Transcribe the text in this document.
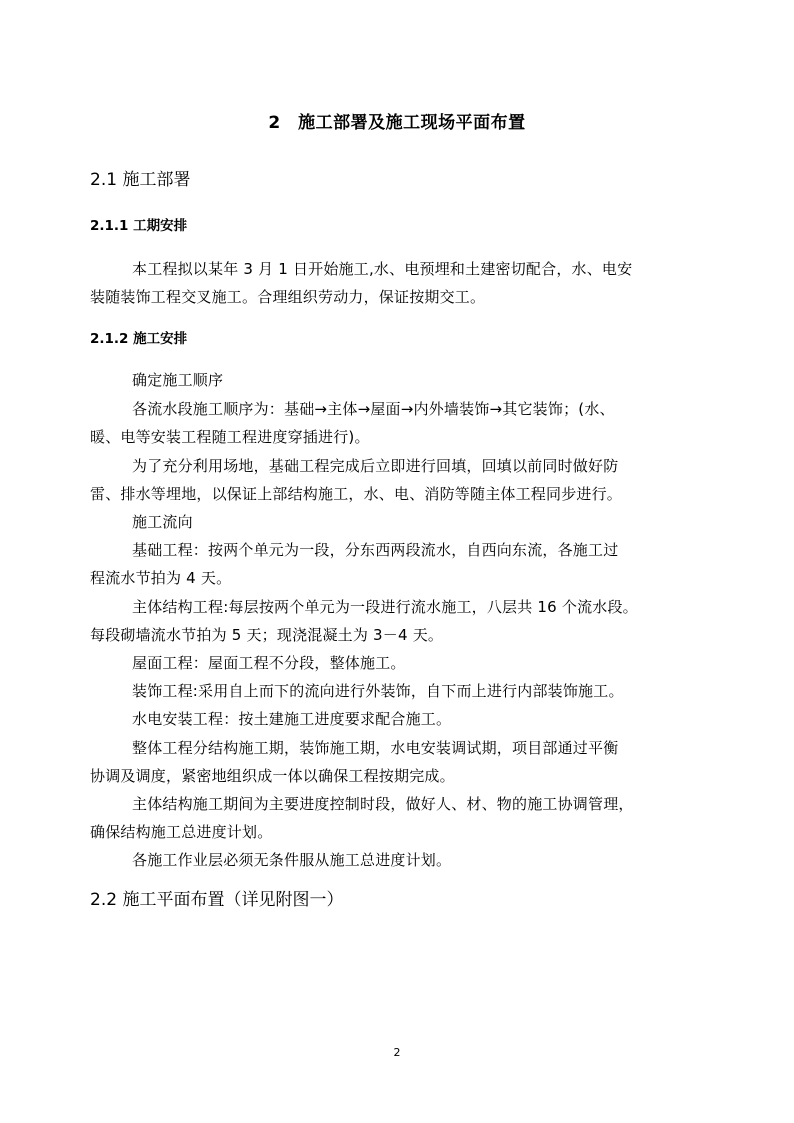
2　施工部署及施工现场平面布置
2.1 施工部署
2.1.1 工期安排
本工程拟以某年 3 月 1 日开始施工,水、电预埋和土建密切配合，水、电安
装随装饰工程交叉施工。合理组织劳动力，保证按期交工。
2.1.2 施工安排
确定施工顺序
各流水段施工顺序为：基础→主体→屋面→内外墙装饰→其它装饰；(水、
暖、电等安装工程随工程进度穿插进行)。
为了充分利用场地，基础工程完成后立即进行回填，回填以前同时做好防
雷、排水等埋地，以保证上部结构施工，水、电、消防等随主体工程同步进行。
施工流向
基础工程：按两个单元为一段，分东西两段流水，自西向东流，各施工过
程流水节拍为 4 天。
主体结构工程:每层按两个单元为一段进行流水施工，八层共 16 个流水段。
每段砌墙流水节拍为 5 天；现浇混凝土为 3－4 天。
屋面工程：屋面工程不分段，整体施工。
装饰工程:采用自上而下的流向进行外装饰，自下而上进行内部装饰施工。
水电安装工程：按土建施工进度要求配合施工。
整体工程分结构施工期，装饰施工期，水电安装调试期，项目部通过平衡
协调及调度，紧密地组织成一体以确保工程按期完成。
主体结构施工期间为主要进度控制时段，做好人、材、物的施工协调管理，
确保结构施工总进度计划。
各施工作业层必须无条件服从施工总进度计划。
2.2 施工平面布置（详见附图一）
2
